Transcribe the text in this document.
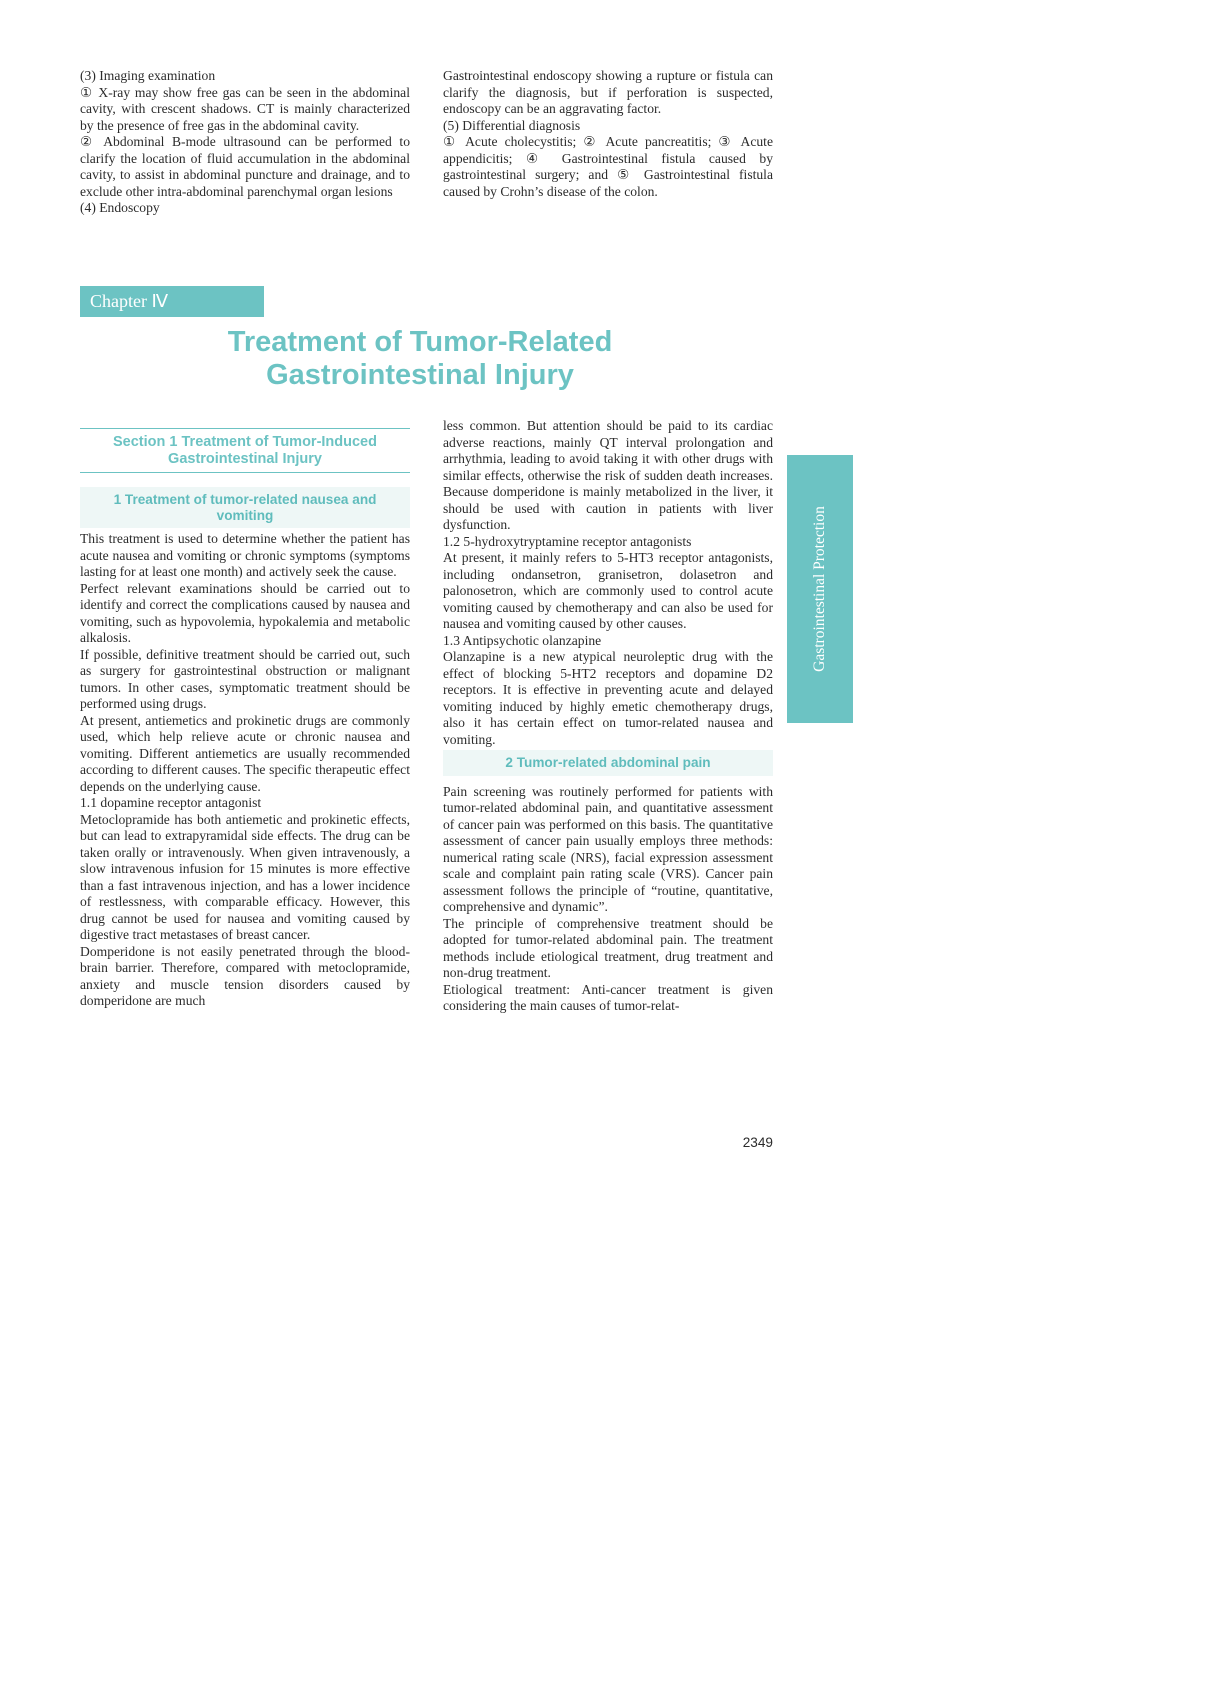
(3) Imaging examination

① X-ray may show free gas can be seen in the abdominal cavity, with crescent shadows. CT is mainly characterized by the presence of free gas in the abdominal cavity.

② Abdominal B-mode ultrasound can be performed to clarify the location of fluid accumulation in the abdominal cavity, to assist in abdominal puncture and drainage, and to exclude other intra-abdominal parenchymal organ lesions

(4) Endoscopy

Gastrointestinal endoscopy showing a rupture or fistula can clarify the diagnosis, but if perforation is suspected, endoscopy can be an aggravating factor.

(5) Differential diagnosis

① Acute cholecystitis; ② Acute pancreatitis; ③ Acute appendicitis; ④ Gastrointestinal fistula caused by gastrointestinal surgery; and ⑤ Gastrointestinal fistula caused by Crohn’s disease of the colon.

Chapter Ⅳ
Treatment of Tumor-Related
Gastrointestinal Injury
Section 1 Treatment of Tumor-Induced
Gastrointestinal Injury
1 Treatment of tumor-related nausea and
vomiting

This treatment is used to determine whether the patient has acute nausea and vomiting or chronic symptoms (symptoms lasting for at least one month) and actively seek the cause.

Perfect relevant examinations should be carried out to identify and correct the complications caused by nausea and vomiting, such as hypovolemia, hypokalemia and metabolic alkalosis.

If possible, definitive treatment should be carried out, such as surgery for gastrointestinal obstruction or malignant tumors. In other cases, symptomatic treatment should be performed using drugs.

At present, antiemetics and prokinetic drugs are commonly used, which help relieve acute or chronic nausea and vomiting. Different antiemetics are usually recommended according to different causes. The specific therapeutic effect depends on the underlying cause.

1.1 dopamine receptor antagonist

Metoclopramide has both antiemetic and prokinetic effects, but can lead to extrapyramidal side effects. The drug can be taken orally or intravenously. When given intravenously, a slow intravenous infusion for 15 minutes is more effective than a fast intravenous injection, and has a lower incidence of restlessness, with comparable efficacy. However, this drug cannot be used for nausea and vomiting caused by digestive tract metastases of breast cancer.

Domperidone is not easily penetrated through the blood-brain barrier. Therefore, compared with metoclopramide, anxiety and muscle tension disorders caused by domperidone are much

less common. But attention should be paid to its cardiac adverse reactions, mainly QT interval prolongation and arrhythmia, leading to avoid taking it with other drugs with similar effects, otherwise the risk of sudden death increases. Because domperidone is mainly metabolized in the liver, it should be used with caution in patients with liver dysfunction.

1.2 5-hydroxytryptamine receptor antagonists

At present, it mainly refers to 5-HT3 receptor antagonists, including ondansetron, granisetron, dolasetron and palonosetron, which are commonly used to control acute vomiting caused by chemotherapy and can also be used for nausea and vomiting caused by other causes.

1.3 Antipsychotic olanzapine

Olanzapine is a new atypical neuroleptic drug with the effect of blocking 5-HT2 receptors and dopamine D2 receptors. It is effective in preventing acute and delayed vomiting induced by highly emetic chemotherapy drugs, also it has certain effect on tumor-related nausea and vomiting.

2 Tumor-related abdominal pain

Pain screening was routinely performed for patients with tumor-related abdominal pain, and quantitative assessment of cancer pain was performed on this basis. The quantitative assessment of cancer pain usually employs three methods: numerical rating scale (NRS), facial expression assessment scale and complaint pain rating scale (VRS). Cancer pain assessment follows the principle of “routine, quantitative, comprehensive and dynamic”.

The principle of comprehensive treatment should be adopted for tumor-related abdominal pain. The treatment methods include etiological treatment, drug treatment and non-drug treatment.

Etiological treatment: Anti-cancer treatment is given considering the main causes of tumor-relat-

Gastrointestinal Protection
2349
